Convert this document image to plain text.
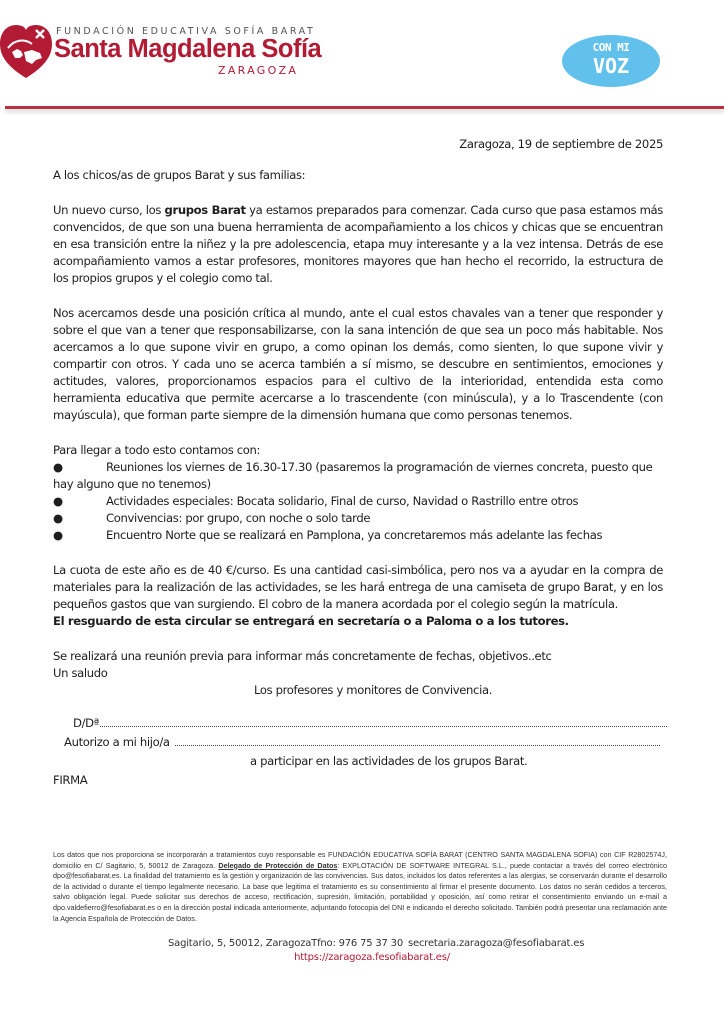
FUNDACIÓN EDUCATIVA SOFÍA BARAT
Santa Magdalena Sofía
ZARAGOZA
CON MI
VOZ

Zaragoza, 19 de septiembre de 2025

A los chicos/as de grupos Barat y sus familias:

Un nuevo curso, los grupos Barat ya estamos preparados para comenzar. Cada curso que pasa estamos más convencidos, de que son una buena herramienta de acompañamiento a los chicos y chicas que se encuentran en esa transición entre la niñez y la pre adolescencia, etapa muy interesante y a la vez intensa. Detrás de ese acompañamiento vamos a estar profesores, monitores mayores que han hecho el recorrido, la estructura de los propios grupos y el colegio como tal.

Nos acercamos desde una posición crítica al mundo, ante el cual estos chavales van a tener que responder y sobre el que van a tener que responsabilizarse, con la sana intención de que sea un poco más habitable. Nos acercamos a lo que supone vivir en grupo, a como opinan los demás, como sienten, lo que supone vivir y compartir con otros. Y cada uno se acerca también a sí mismo, se descubre en sentimientos, emociones y actitudes, valores, proporcionamos espacios para el cultivo de la interioridad, entendida esta como herramienta educativa que permite acercarse a lo trascendente (con minúscula), y a lo Trascendente (con mayúscula), que forman parte siempre de la dimensión humana que como personas tenemos.

Para llegar a todo esto contamos con:

●	Reuniones los viernes de 16.30-17.30 (pasaremos la programación de viernes concreta, puesto que hay alguno que no tenemos)
●	Actividades especiales: Bocata solidario, Final de curso, Navidad o Rastrillo entre otros
●	Convivencias: por grupo, con noche o solo tarde
●	Encuentro Norte que se realizará en Pamplona, ya concretaremos más adelante las fechas

La cuota de este año es de 40 €/curso. Es una cantidad casi-simbólica, pero nos va a ayudar en la compra de materiales para la realización de las actividades, se les hará entrega de una camiseta de grupo Barat, y en los pequeños gastos que van surgiendo. El cobro de la manera acordada por el colegio según la matrícula.
El resguardo de esta circular se entregará en secretaría o a Paloma o a los tutores.

Se realizará una reunión previa para informar más concretamente de fechas, objetivos..etc

Un saludo

Los profesores y monitores de Convivencia.

D/Dª
Autorizo a mi hijo/a
a participar en las actividades de los grupos Barat.
FIRMA
Los datos que nos proporciona se incorporarán a tratamientos cuyo responsable es FUNDACIÓN EDUCATIVA SOFÍA BARAT (CENTRO SANTA MAGDALENA SOFIA) con CIF R2802574J, domicilio en C/ Sagitario, 5, 50012 de Zaragoza. Delegado de Protección de Datos: EXPLOTACIÓN DE SOFTWARE INTEGRAL S.L., puede contactar a través del correo electrónico dpo@fesofiabarat.es. La finalidad del tratamiento es la gestión y organización de las convivencias. Sus datos, incluidos los datos referentes a las alergias, se conservarán durante el desarrollo de la actividad o durante el tiempo legalmente necesario. La base que legitima el tratamiento es su consentimiento al firmar el presente documento. Los datos no serán cedidos a terceros, salvo obligación legal. Puede solicitar sus derechos de acceso, rectificación, supresión, limitación, portabilidad y oposición, así como retirar el consentimiento enviando un e-mail a dpo.valdefierro@fesofiabarat.es o en la dirección postal indicada anteriormente, adjuntando fotocopia del DNI e indicando el derecho solicitado. También podrá presentar una reclamación ante la Agencia Española de Protección de Datos.
Sagitario, 5, 50012, ZaragozaTfno: 976 75 37 30 secretaria.zaragoza@fesofiabarat.es
https://zaragoza.fesofiabarat.es/
